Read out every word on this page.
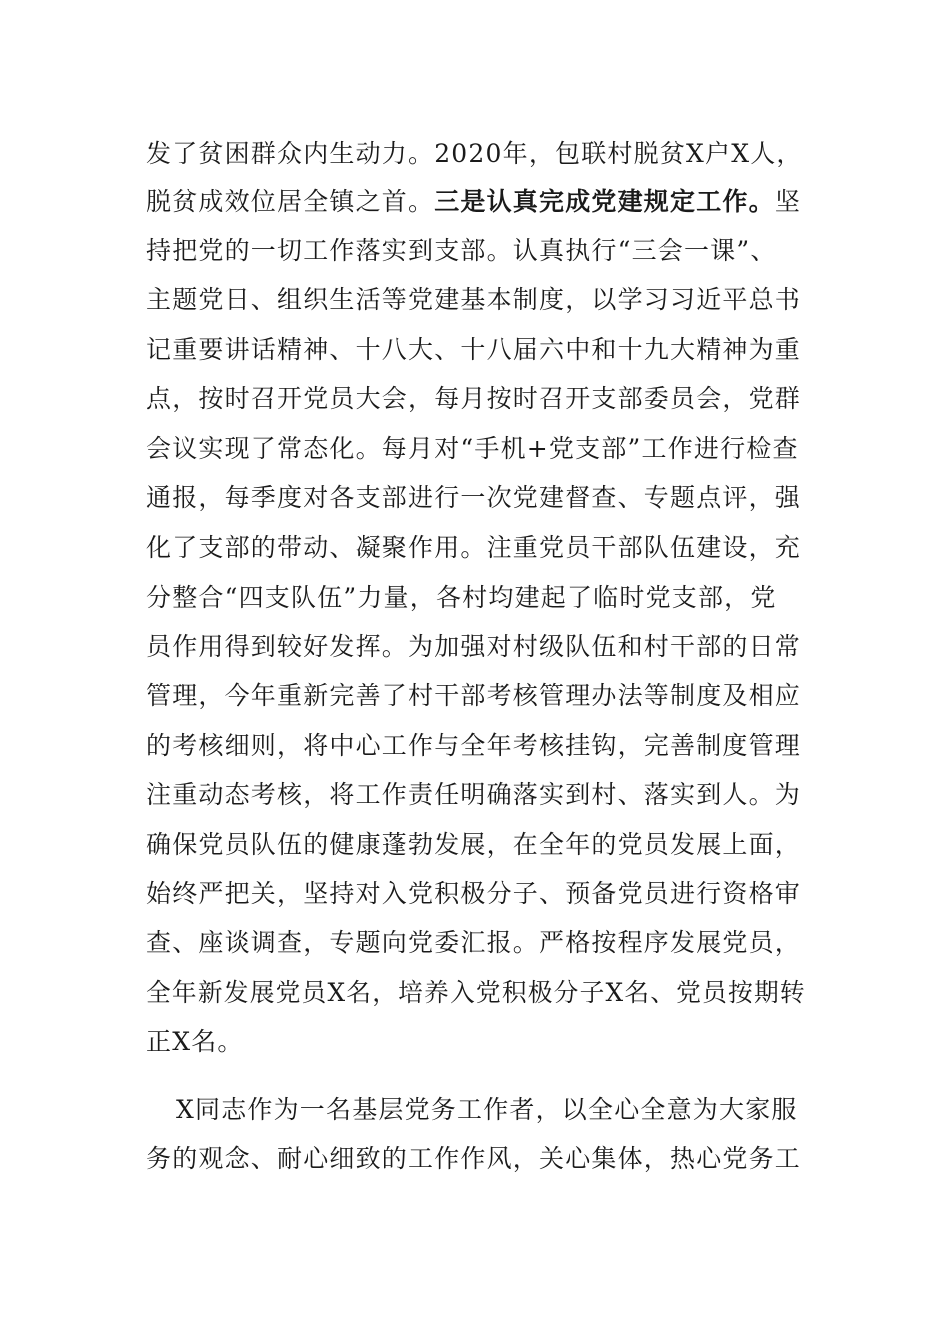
发了贫困群众内生动力。2020年，包联村脱贫X户X人，
脱贫成效位居全镇之首。三是认真完成党建规定工作。坚
持把党的一切工作落实到支部。认真执行“三会一课”、
主题党日、组织生活等党建基本制度，以学习习近平总书
记重要讲话精神、十八大、十八届六中和十九大精神为重
点，按时召开党员大会，每月按时召开支部委员会，党群
会议实现了常态化。每月对“手机+党支部”工作进行检查
通报，每季度对各支部进行一次党建督查、专题点评，强
化了支部的带动、凝聚作用。注重党员干部队伍建设，充
分整合“四支队伍”力量，各村均建起了临时党支部，党
员作用得到较好发挥。为加强对村级队伍和村干部的日常
管理，今年重新完善了村干部考核管理办法等制度及相应
的考核细则，将中心工作与全年考核挂钩，完善制度管理
注重动态考核，将工作责任明确落实到村、落实到人。为
确保党员队伍的健康蓬勃发展，在全年的党员发展上面，
始终严把关，坚持对入党积极分子、预备党员进行资格审
查、座谈调查，专题向党委汇报。严格按程序发展党员，
全年新发展党员X名，培养入党积极分子X名、党员按期转
正X名。
X同志作为一名基层党务工作者，以全心全意为大家服
务的观念、耐心细致的工作作风，关心集体，热心党务工
